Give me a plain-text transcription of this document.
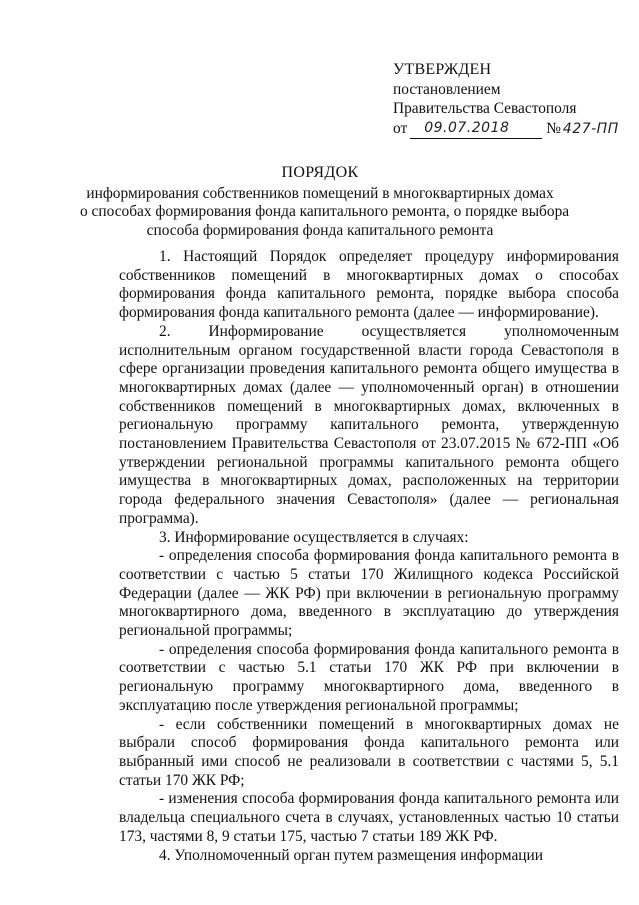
УТВЕРЖДЕН
постановлением
Правительства Севастополя
от 09.07.2018 № 427-ПП
ПОРЯДОК
информирования собственников помещений в многоквартирных домах
о способах формирования фонда капитального ремонта, о порядке выбора
способа формирования фонда капитального ремонта

1. Настоящий Порядок определяет процедуру информирования собственников помещений в многоквартирных домах о способах формирования фонда капитального ремонта, порядке выбора способа формирования фонда капитального ремонта (далее — информирование).

2. Информирование осуществляется уполномоченным исполнительным органом государственной власти города Севастополя в сфере организации проведения капитального ремонта общего имущества в многоквартирных домах (далее — уполномоченный орган) в отношении собственников помещений в многоквартирных домах, включенных в региональную программу капитального ремонта, утвержденную постановлением Правительства Севастополя от 23.07.2015 № 672-ПП «Об утверждении региональной программы капитального ремонта общего имущества в многоквартирных домах, расположенных на территории города федерального значения Севастополя» (далее — региональная программа).

3. Информирование осуществляется в случаях:

- определения способа формирования фонда капитального ремонта в соответствии с частью 5 статьи 170 Жилищного кодекса Российской Федерации (далее — ЖК РФ) при включении в региональную программу многоквартирного дома, введенного в эксплуатацию до утверждения региональной программы;

- определения способа формирования фонда капитального ремонта в соответствии с частью 5.1 статьи 170 ЖК РФ при включении в региональную программу многоквартирного дома, введенного в эксплуатацию после утверждения региональной программы;

- если собственники помещений в многоквартирных домах не выбрали способ формирования фонда капитального ремонта или выбранный ими способ не реализовали в соответствии с частями 5, 5.1 статьи 170 ЖК РФ;

- изменения способа формирования фонда капитального ремонта или владельца специального счета в случаях, установленных частью 10 статьи 173, частями 8, 9 статьи 175, частью 7 статьи 189 ЖК РФ.

4. Уполномоченный орган путем размещения информации
